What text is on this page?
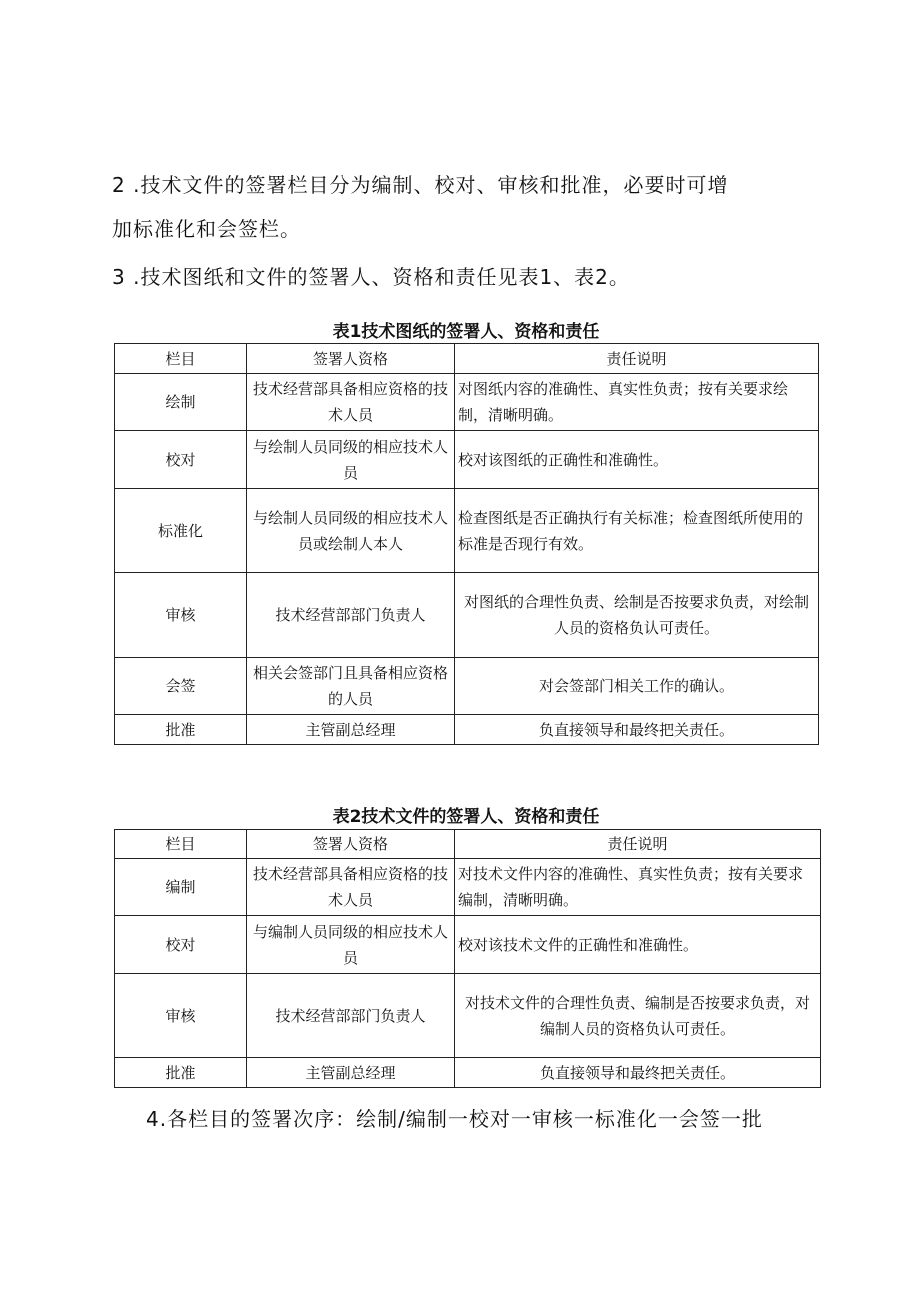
2 .技术文件的签署栏目分为编制、校对、审核和批准，必要时可增

加标准化和会签栏。

3 .技术图纸和文件的签署人、资格和责任见表1、表2。

表1技术图纸的签署人、资格和责任

栏目	签署人资格	责任说明
绘制	技术经营部具备相应资格的技术人员	对图纸内容的准确性、真实性负责；按有关要求绘制，清晰明确。
校对	与绘制人员同级的相应技术人员	校对该图纸的正确性和准确性。
标准化	与绘制人员同级的相应技术人员或绘制人本人	检查图纸是否正确执行有关标准；检查图纸所使用的标准是否现行有效。
审核	技术经营部部门负责人	对图纸的合理性负责、绘制是否按要求负责，对绘制人员的资格负认可责任。
会签	相关会签部门且具备相应资格的人员	对会签部门相关工作的确认。
批准	主管副总经理	负直接领导和最终把关责任。

表2技术文件的签署人、资格和责任

栏目	签署人资格	责任说明
编制	技术经营部具备相应资格的技术人员	对技术文件内容的准确性、真实性负责；按有关要求编制，清晰明确。
校对	与编制人员同级的相应技术人员	校对该技术文件的正确性和准确性。
审核	技术经营部部门负责人	对技术文件的合理性负责、编制是否按要求负责，对编制人员的资格负认可责任。
批准	主管副总经理	负直接领导和最终把关责任。

4.各栏目的签署次序：绘制/编制一校对一审核一标准化一会签一批
